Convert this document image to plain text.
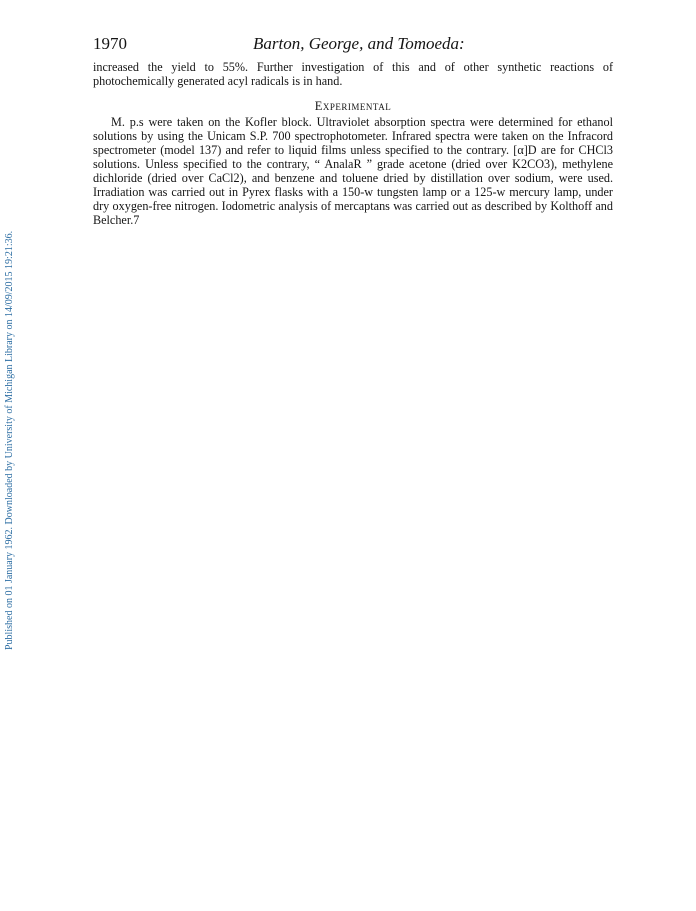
Published on 01 January 1962. Downloaded by University of Michigan Library on 14/09/2015 19:21:36.
1970	Barton, George, and Tomoeda:

increased the yield to 55%. Further investigation of this and of other synthetic reactions of photochemically generated acyl radicals is in hand.

Experimental

M. p.s were taken on the Kofler block. Ultraviolet absorption spectra were determined for ethanol solutions by using the Unicam S.P. 700 spectrophotometer. Infrared spectra were taken on the Infracord spectrometer (model 137) and refer to liquid films unless specified to the contrary. [α]D are for CHCl3 solutions. Unless specified to the contrary, “ AnalaR ” grade acetone (dried over K2CO3), methylene dichloride (dried over CaCl2), and benzene and toluene dried by distillation over sodium, were used. Irradiation was carried out in Pyrex flasks with a 150-w tungsten lamp or a 125-w mercury lamp, under dry oxygen-free nitrogen. Iodometric analysis of mercaptans was carried out as described by Kolthoff and Belcher.7
